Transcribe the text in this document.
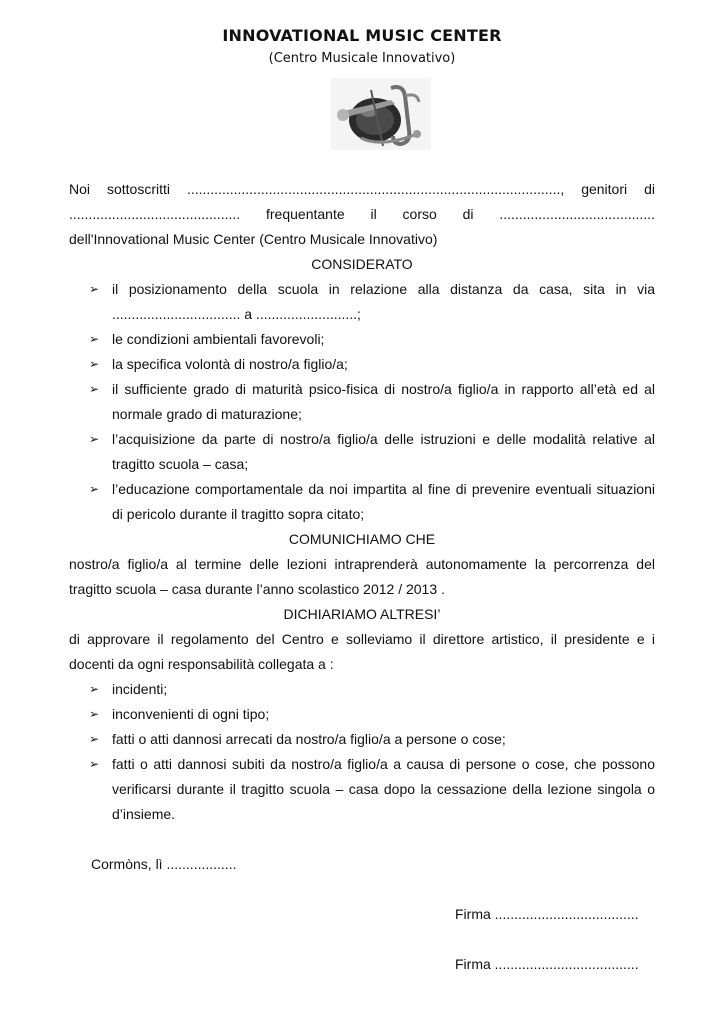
INNOVATIONAL MUSIC CENTER
(Centro Musicale Innovativo)
Noi sottoscritti ................................................................................................, genitori di
............................................ frequentante il corso di ........................................

dell'Innovational Music Center (Centro Musicale Innovativo)

CONSIDERATO
➢ il posizionamento della scuola in relazione alla distanza da casa, sita in via ................................. a ..........................;
➢ le condizioni ambientali favorevoli;
➢ la specifica volontà di nostro/a figlio/a;
➢ il sufficiente grado di maturità psico-fisica di nostro/a figlio/a in rapporto all’età ed al normale grado di maturazione;
➢ l’acquisizione da parte di nostro/a figlio/a delle istruzioni e delle modalità relative al tragitto scuola – casa;
➢ l’educazione comportamentale da noi impartita al fine di prevenire eventuali situazioni di pericolo durante il tragitto sopra citato;
COMUNICHIAMO CHE

nostro/a figlio/a al termine delle lezioni intraprenderà autonomamente la percorrenza del tragitto scuola – casa durante l’anno scolastico 2012 / 2013 .

DICHIARIAMO ALTRESI’

di approvare il regolamento del Centro e solleviamo il direttore artistico, il presidente e i docenti da ogni responsabilità collegata a :

➢ incidenti;
➢ inconvenienti di ogni tipo;
➢ fatti o atti dannosi arrecati da nostro/a figlio/a a persone o cose;
➢ fatti o atti dannosi subiti da nostro/a figlio/a a causa di persone o cose, che possono verificarsi durante il tragitto scuola – casa dopo la cessazione della lezione singola o d’insieme.
Cormòns, lì ..................
Firma .....................................
Firma .....................................
